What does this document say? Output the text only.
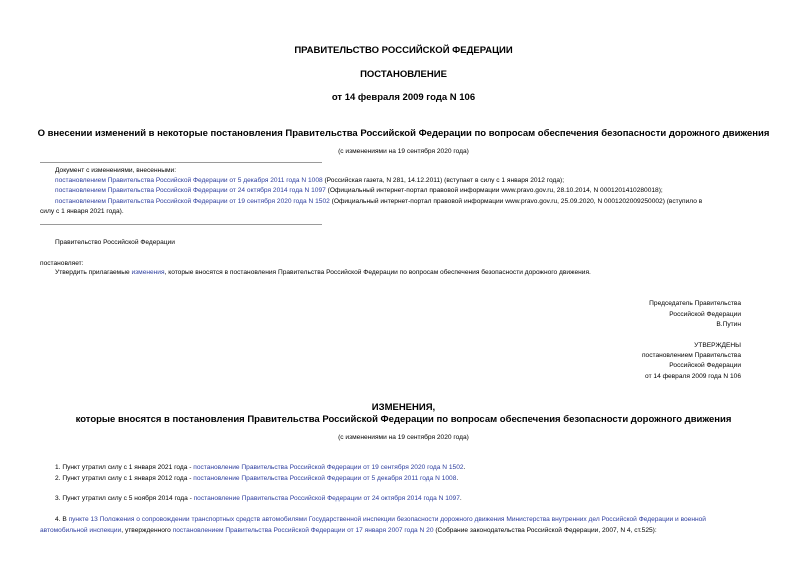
ПРАВИТЕЛЬСТВО РОССИЙСКОЙ ФЕДЕРАЦИИ
ПОСТАНОВЛЕНИЕ
от 14 февраля 2009 года N 106
О внесении изменений в некоторые постановления Правительства Российской Федерации по вопросам обеспечения безопасности дорожного движения
(с изменениями на 19 сентября 2020 года)
Документ с изменениями, внесенными:
постановлением Правительства Российской Федерации от 5 декабря 2011 года N 1008 (Российская газета, N 281, 14.12.2011) (вступает в силу с 1 января 2012 года);
постановлением Правительства Российской Федерации от 24 октября 2014 года N 1097 (Официальный интернет-портал правовой информации www.pravo.gov.ru, 28.10.2014, N 0001201410280018);
постановлением Правительства Российской Федерации от 19 сентября 2020 года N 1502 (Официальный интернет-портал правовой информации www.pravo.gov.ru, 25.09.2020, N 0001202009250002) (вступило в
силу с 1 января 2021 года).
Правительство Российской Федерации
постановляет:
Утвердить прилагаемые изменения, которые вносятся в постановления Правительства Российской Федерации по вопросам обеспечения безопасности дорожного движения.
Председатель Правительства
Российской Федерации
В.Путин
УТВЕРЖДЕНЫ
постановлением Правительства
Российской Федерации
от 14 февраля 2009 года N 106
ИЗМЕНЕНИЯ,
которые вносятся в постановления Правительства Российской Федерации по вопросам обеспечения безопасности дорожного движения
(с изменениями на 19 сентября 2020 года)
1. Пункт утратил силу с 1 января 2021 года - постановление Правительства Российской Федерации от 19 сентября 2020 года N 1502.
2. Пункт утратил силу с 1 января 2012 года - постановление Правительства Российской Федерации от 5 декабря 2011 года N 1008.
3. Пункт утратил силу с 5 ноября 2014 года - постановление Правительства Российской Федерации от 24 октября 2014 года N 1097.
4. В пункте 13 Положения о сопровождении транспортных средств автомобилями Государственной инспекции безопасности дорожного движения Министерства внутренних дел Российской Федерации и военной
автомобильной инспекции, утвержденного постановлением Правительства Российской Федерации от 17 января 2007 года N 20 (Собрание законодательства Российской Федерации, 2007, N 4, ст.525):
